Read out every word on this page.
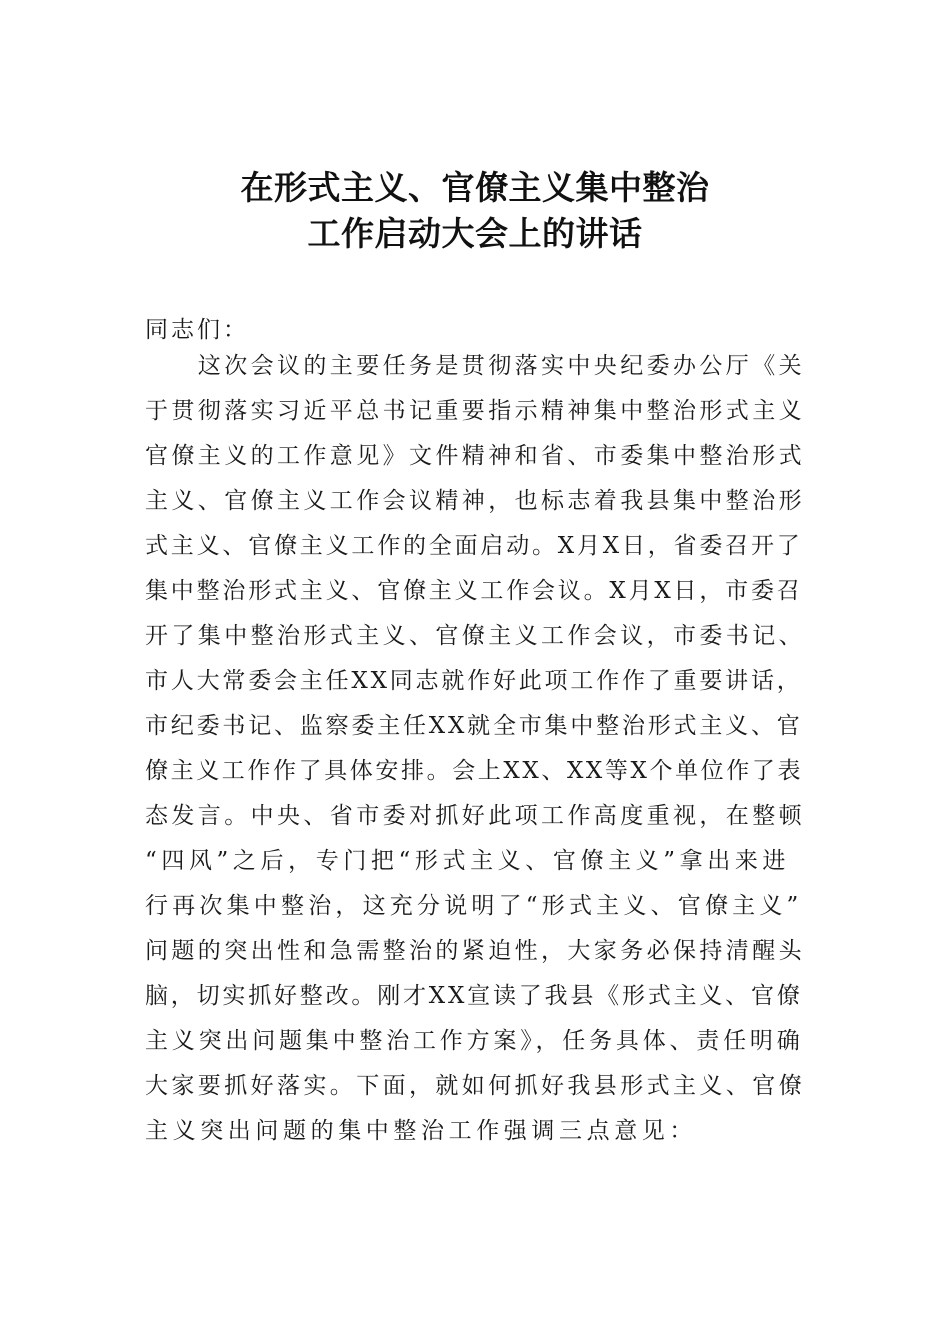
在形式主义、官僚主义集中整治
工作启动大会上的讲话
同志们：
　　这次会议的主要任务是贯彻落实中央纪委办公厅《关
于贯彻落实习近平总书记重要指示精神集中整治形式主义
官僚主义的工作意见》文件精神和省、市委集中整治形式
主义、官僚主义工作会议精神，也标志着我县集中整治形
式主义、官僚主义工作的全面启动。X月X日，省委召开了
集中整治形式主义、官僚主义工作会议。X月X日，市委召
开了集中整治形式主义、官僚主义工作会议，市委书记、
市人大常委会主任XX同志就作好此项工作作了重要讲话，
市纪委书记、监察委主任XX就全市集中整治形式主义、官
僚主义工作作了具体安排。会上XX、XX等X个单位作了表
态发言。中央、省市委对抓好此项工作高度重视，在整顿
“四风”之后，专门把“形式主义、官僚主义”拿出来进
行再次集中整治，这充分说明了“形式主义、官僚主义”
问题的突出性和急需整治的紧迫性，大家务必保持清醒头
脑，切实抓好整改。刚才XX宣读了我县《形式主义、官僚
主义突出问题集中整治工作方案》，任务具体、责任明确
大家要抓好落实。下面，就如何抓好我县形式主义、官僚
主义突出问题的集中整治工作强调三点意见：
